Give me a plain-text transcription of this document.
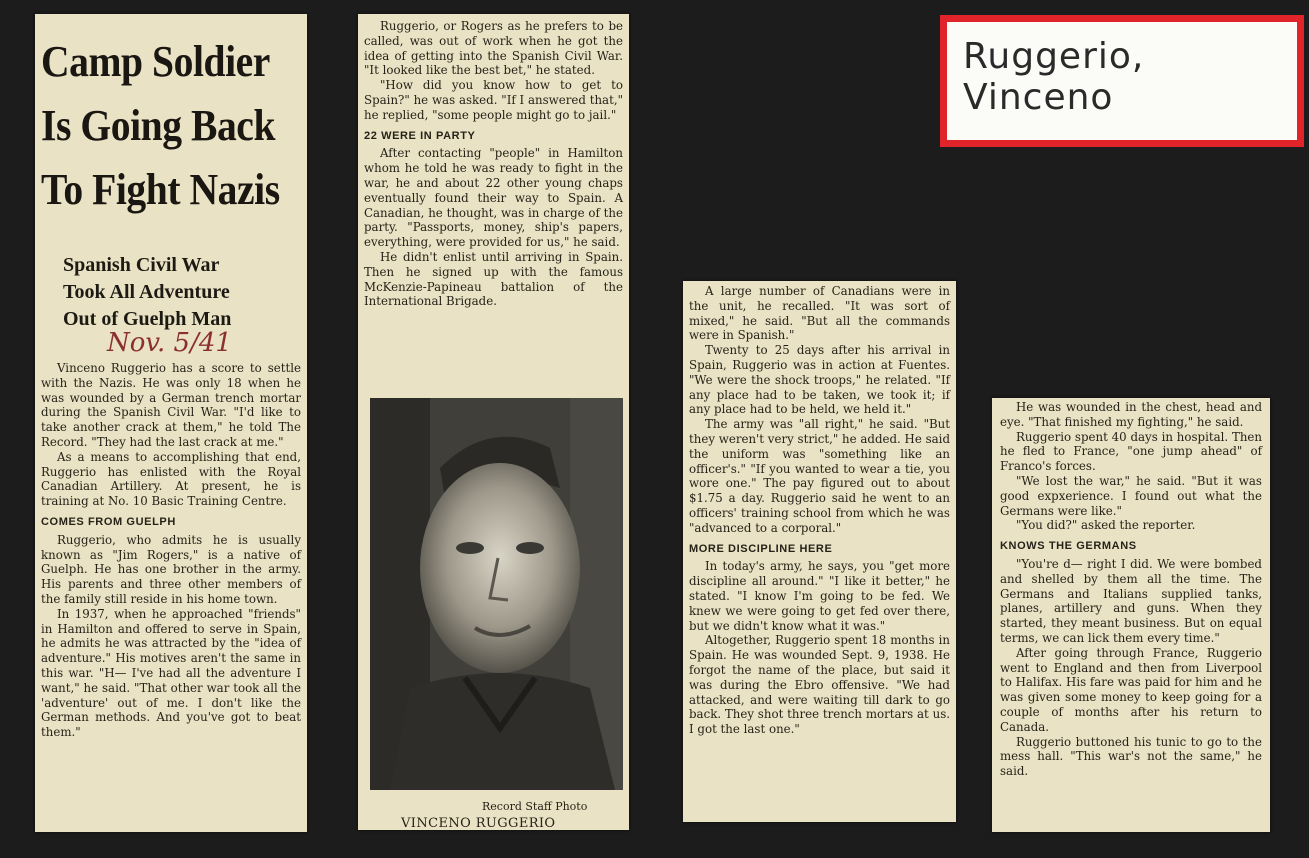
Camp Soldier
Is Going Back
To Fight Nazis
Spanish Civil War
Took All Adventure
Out of Guelph Man
Nov. 5/41

Vinceno Ruggerio has a score to settle with the Nazis. He was only 18 when he was wounded by a German trench mortar during the Spanish Civil War. "I'd like to take another crack at them," he told The Record. "They had the last crack at me."

As a means to accomplishing that end, Ruggerio has enlisted with the Royal Canadian Artillery. At present, he is training at No. 10 Basic Training Centre.

COMES FROM GUELPH

Ruggerio, who admits he is usually known as "Jim Rogers," is a native of Guelph. He has one brother in the army. His parents and three other members of the family still reside in his home town.

In 1937, when he approached "friends" in Hamilton and offered to serve in Spain, he admits he was attracted by the "idea of adventure." His motives aren't the same in this war. "H— I've had all the adventure I want," he said. "That other war took all the 'adventure' out of me. I don't like the German methods. And you've got to beat them."

Ruggerio, or Rogers as he prefers to be called, was out of work when he got the idea of getting into the Spanish Civil War. "It looked like the best bet," he stated.

"How did you know how to get to Spain?" he was asked. "If I answered that," he replied, "some people might go to jail."

22 WERE IN PARTY

After contacting "people" in Hamilton whom he told he was ready to fight in the war, he and about 22 other young chaps eventually found their way to Spain. A Canadian, he thought, was in charge of the party. "Passports, money, ship's papers, everything, were provided for us," he said.

He didn't enlist until arriving in Spain. Then he signed up with the famous McKenzie-Papineau battalion of the International Brigade.

Record Staff Photo
VINCENO RUGGERIO

A large number of Canadians were in the unit, he recalled. "It was sort of mixed," he said. "But all the commands were in Spanish."

Twenty to 25 days after his arrival in Spain, Ruggerio was in action at Fuentes. "We were the shock troops," he related. "If any place had to be taken, we took it; if any place had to be held, we held it."

The army was "all right," he said. "But they weren't very strict," he added. He said the uniform was "something like an officer's." "If you wanted to wear a tie, you wore one." The pay figured out to about $1.75 a day. Ruggerio said he went to an officers' training school from which he was "advanced to a corporal."

MORE DISCIPLINE HERE

In today's army, he says, you "get more discipline all around." "I like it better," he stated. "I know I'm going to be fed. We knew we were going to get fed over there, but we didn't know what it was."

Altogether, Ruggerio spent 18 months in Spain. He was wounded Sept. 9, 1938. He forgot the name of the place, but said it was during the Ebro offensive. "We had attacked, and were waiting till dark to go back. They shot three trench mortars at us. I got the last one."

He was wounded in the chest, head and eye. "That finished my fighting," he said.

Ruggerio spent 40 days in hospital. Then he fled to France, "one jump ahead" of Franco's forces.

"We lost the war," he said. "But it was good expxerience. I found out what the Germans were like."

"You did?" asked the reporter.

KNOWS THE GERMANS

"You're d— right I did. We were bombed and shelled by them all the time. The Germans and Italians supplied tanks, planes, artillery and guns. When they started, they meant business. But on equal terms, we can lick them every time."

After going through France, Ruggerio went to England and then from Liverpool to Halifax. His fare was paid for him and he was given some money to keep going for a couple of months after his return to Canada.

Ruggerio buttoned his tunic to go to the mess hall. "This war's not the same," he said.

Ruggerio, Vinceno
